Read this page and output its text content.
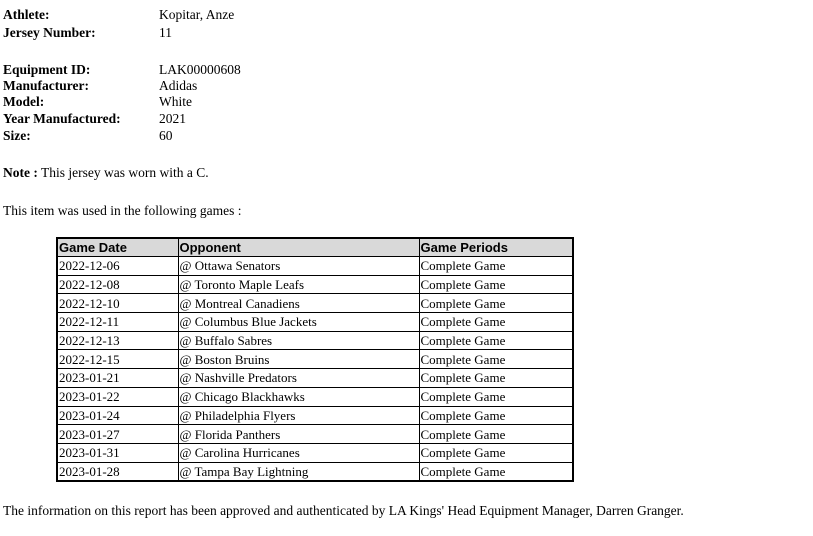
Athlete:	Kopitar, Anze
Jersey Number:	11
Equipment ID:	LAK00000608
Manufacturer:	Adidas
Model:	White
Year Manufactured:	2021
Size:	60
Note : This jersey was worn with a C.
This item was used in the following games :
Game Date	Opponent	Game Periods
2022-12-06	@ Ottawa Senators	Complete Game
2022-12-08	@ Toronto Maple Leafs	Complete Game
2022-12-10	@ Montreal Canadiens	Complete Game
2022-12-11	@ Columbus Blue Jackets	Complete Game
2022-12-13	@ Buffalo Sabres	Complete Game
2022-12-15	@ Boston Bruins	Complete Game
2023-01-21	@ Nashville Predators	Complete Game
2023-01-22	@ Chicago Blackhawks	Complete Game
2023-01-24	@ Philadelphia Flyers	Complete Game
2023-01-27	@ Florida Panthers	Complete Game
2023-01-31	@ Carolina Hurricanes	Complete Game
2023-01-28	@ Tampa Bay Lightning	Complete Game
The information on this report has been approved and authenticated by LA Kings' Head Equipment Manager, Darren Granger.
